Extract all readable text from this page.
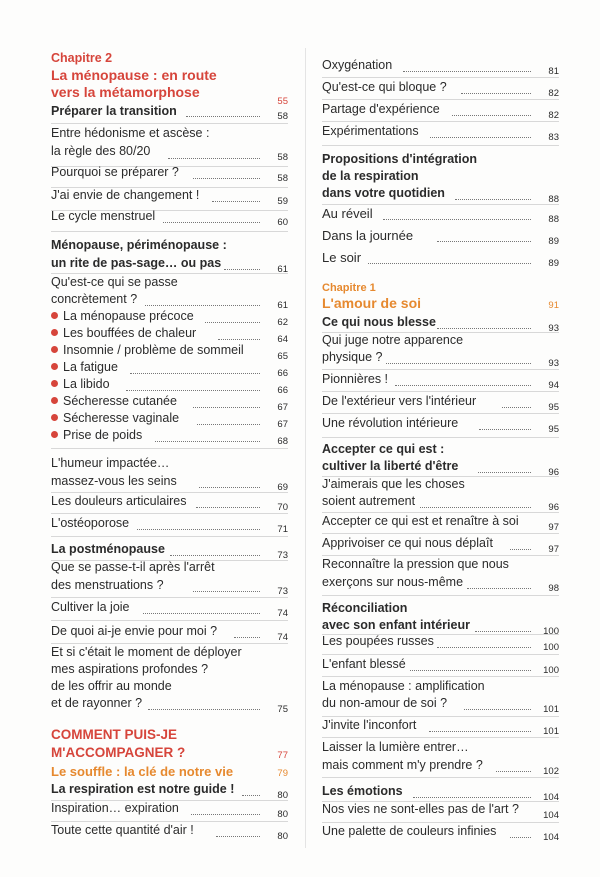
Chapitre 2
La ménopause : en route
vers la métamorphose
55
Préparer la transition	58
Entre hédonisme et ascèse :
la règle des 80/20	58
Pourquoi se préparer ?	58
J'ai envie de changement !	59
Le cycle menstruel	60
Ménopause, périménopause :
un rite de pas-sage… ou pas	61
Qu'est-ce qui se passe
concrètement ?	61
La ménopause précoce	62
Les bouffées de chaleur	64
Insomnie / problème de sommeil	65
La fatigue	66
La libido	66
Sécheresse cutanée	67
Sécheresse vaginale	67
Prise de poids	68
L'humeur impactée…
massez-vous les seins	69
Les douleurs articulaires	70
L'ostéoporose	71
La postménopause	73
Que se passe-t-il après l'arrêt
des menstruations ?	73
Cultiver la joie	74
De quoi ai-je envie pour moi ?	74
Et si c'était le moment de déployer
mes aspirations profondes ?
de les offrir au monde
et de rayonner ?	75
COMMENT PUIS-JE
M'ACCOMPAGNER ?	77
Le souffle : la clé de notre vie	79
La respiration est notre guide !	80
Inspiration… expiration	80
Toute cette quantité d'air !	80
Oxygénation	81
Qu'est-ce qui bloque ?	82
Partage d'expérience	82
Expérimentations	83
Propositions d'intégration
de la respiration
dans votre quotidien	88
Au réveil	88
Dans la journée	89
Le soir	89
Chapitre 1
L'amour de soi	91
Ce qui nous blesse	93
Qui juge notre apparence
physique ?	93
Pionnières !	94
De l'extérieur vers l'intérieur	95
Une révolution intérieure	95
Accepter ce qui est :
cultiver la liberté d'être	96
J'aimerais que les choses
soient autrement	96
Accepter ce qui est et renaître à soi	97
Apprivoiser ce qui nous déplaît	97
Reconnaître la pression que nous
exerçons sur nous-même	98
Réconciliation
avec son enfant intérieur	100
Les poupées russes	100
L'enfant blessé	100
La ménopause : amplification
du non-amour de soi ?	101
J'invite l'inconfort	101
Laisser la lumière entrer…
mais comment m'y prendre ?	102
Les émotions	104
Nos vies ne sont-elles pas de l'art ?	104
Une palette de couleurs infinies	104
